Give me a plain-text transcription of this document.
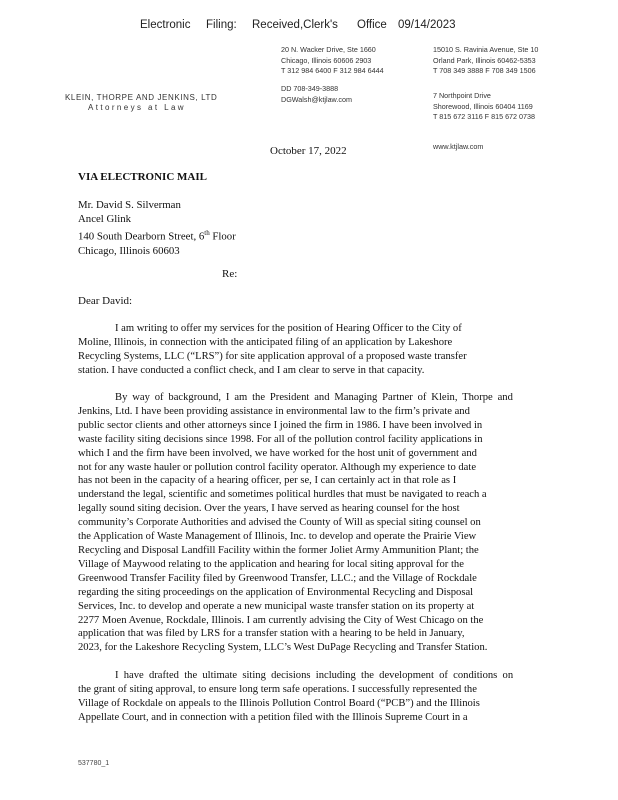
Electronic Filing: Received,Clerk's Office 09/14/2023
KLEIN, THORPE AND JENKINS, LTD
Attorneys at Law
20 N. Wacker Drive, Ste 1660
Chicago, Illinois 60606 2903
T 312 984 6400 F 312 984 6444
DD 708-349-3888
DGWalsh@ktjlaw.com
15010 S. Ravinia Avenue, Ste 10
Orland Park, Illinois 60462-5353
T 708 349 3888 F 708 349 1506
7 Northpoint Drive
Shorewood, Illinois 60404 1169
T 815 672 3116 F 815 672 0738
www.ktjlaw.com
October 17, 2022
VIA ELECTRONIC MAIL
Mr. David S. Silverman
Ancel Glink
140 South Dearborn Street, 6th Floor
Chicago, Illinois 60603
Re:
Dear David:
I am writing to offer my services for the position of Hearing Officer to the City of
Moline, Illinois, in connection with the anticipated filing of an application by Lakeshore
Recycling Systems, LLC (“LRS”) for site application approval of a proposed waste transfer
station. I have conducted a conflict check, and I am clear to serve in that capacity.
By way of background, I am the President and Managing Partner of Klein, Thorpe and
Jenkins, Ltd. I have been providing assistance in environmental law to the firm’s private and
public sector clients and other attorneys since I joined the firm in 1986. I have been involved in
waste facility siting decisions since 1998. For all of the pollution control facility applications in
which I and the firm have been involved, we have worked for the host unit of government and
not for any waste hauler or pollution control facility operator. Although my experience to date
has not been in the capacity of a hearing officer, per se, I can certainly act in that role as I
understand the legal, scientific and sometimes political hurdles that must be navigated to reach a
legally sound siting decision. Over the years, I have served as hearing counsel for the host
community’s Corporate Authorities and advised the County of Will as special siting counsel on
the Application of Waste Management of Illinois, Inc. to develop and operate the Prairie View
Recycling and Disposal Landfill Facility within the former Joliet Army Ammunition Plant; the
Village of Maywood relating to the application and hearing for local siting approval for the
Greenwood Transfer Facility filed by Greenwood Transfer, LLC.; and the Village of Rockdale
regarding the siting proceedings on the application of Environmental Recycling and Disposal
Services, Inc. to develop and operate a new municipal waste transfer station on its property at
2277 Moen Avenue, Rockdale, Illinois. I am currently advising the City of West Chicago on the
application that was filed by LRS for a transfer station with a hearing to be held in January,
2023, for the Lakeshore Recycling System, LLC’s West DuPage Recycling and Transfer Station.
I have drafted the ultimate siting decisions including the development of conditions on
the grant of siting approval, to ensure long term safe operations. I successfully represented the
Village of Rockdale on appeals to the Illinois Pollution Control Board (“PCB”) and the Illinois
Appellate Court, and in connection with a petition filed with the Illinois Supreme Court in a
537780_1
